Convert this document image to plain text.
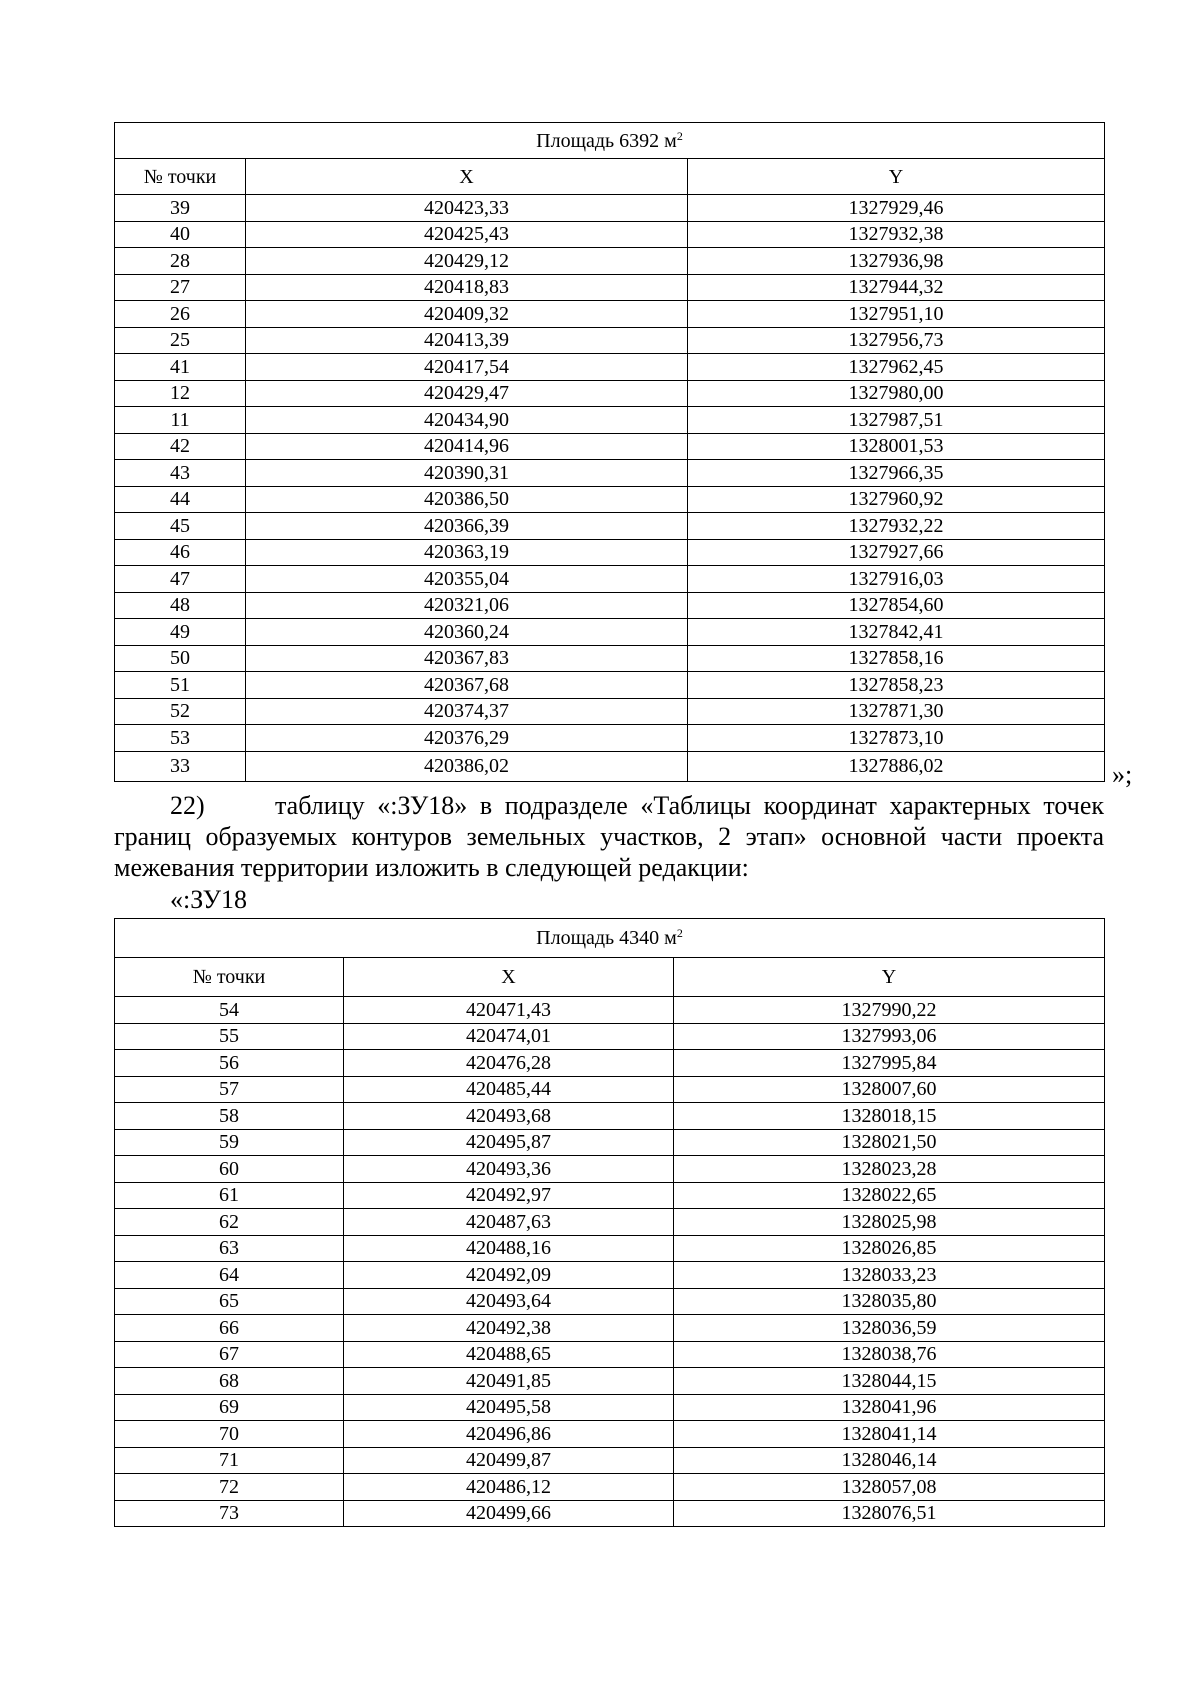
Площадь 6392 $м^2$
№ точки	X	Y
39	420423,33	1327929,46
40	420425,43	1327932,38
28	420429,12	1327936,98
27	420418,83	1327944,32
26	420409,32	1327951,10
25	420413,39	1327956,73
41	420417,54	1327962,45
12	420429,47	1327980,00
11	420434,90	1327987,51
42	420414,96	1328001,53
43	420390,31	1327966,35
44	420386,50	1327960,92
45	420366,39	1327932,22
46	420363,19	1327927,66
47	420355,04	1327916,03
48	420321,06	1327854,60
49	420360,24	1327842,41
50	420367,83	1327858,16
51	420367,68	1327858,23
52	420374,37	1327871,30
53	420376,29	1327873,10
33	420386,02	1327886,02	»;
22)	таблицу «:ЗУ18» в подразделе «Таблицы координат характерных точек границ образуемых контуров земельных участков, 2 этап» основной части проекта межевания территории изложить в следующей редакции:
«:ЗУ18
Площадь 4340 $м^2$
№ точки	X	Y
54	420471,43	1327990,22
55	420474,01	1327993,06
56	420476,28	1327995,84
57	420485,44	1328007,60
58	420493,68	1328018,15
59	420495,87	1328021,50
60	420493,36	1328023,28
61	420492,97	1328022,65
62	420487,63	1328025,98
63	420488,16	1328026,85
64	420492,09	1328033,23
65	420493,64	1328035,80
66	420492,38	1328036,59
67	420488,65	1328038,76
68	420491,85	1328044,15
69	420495,58	1328041,96
70	420496,86	1328041,14
71	420499,87	1328046,14
72	420486,12	1328057,08
73	420499,66	1328076,51
